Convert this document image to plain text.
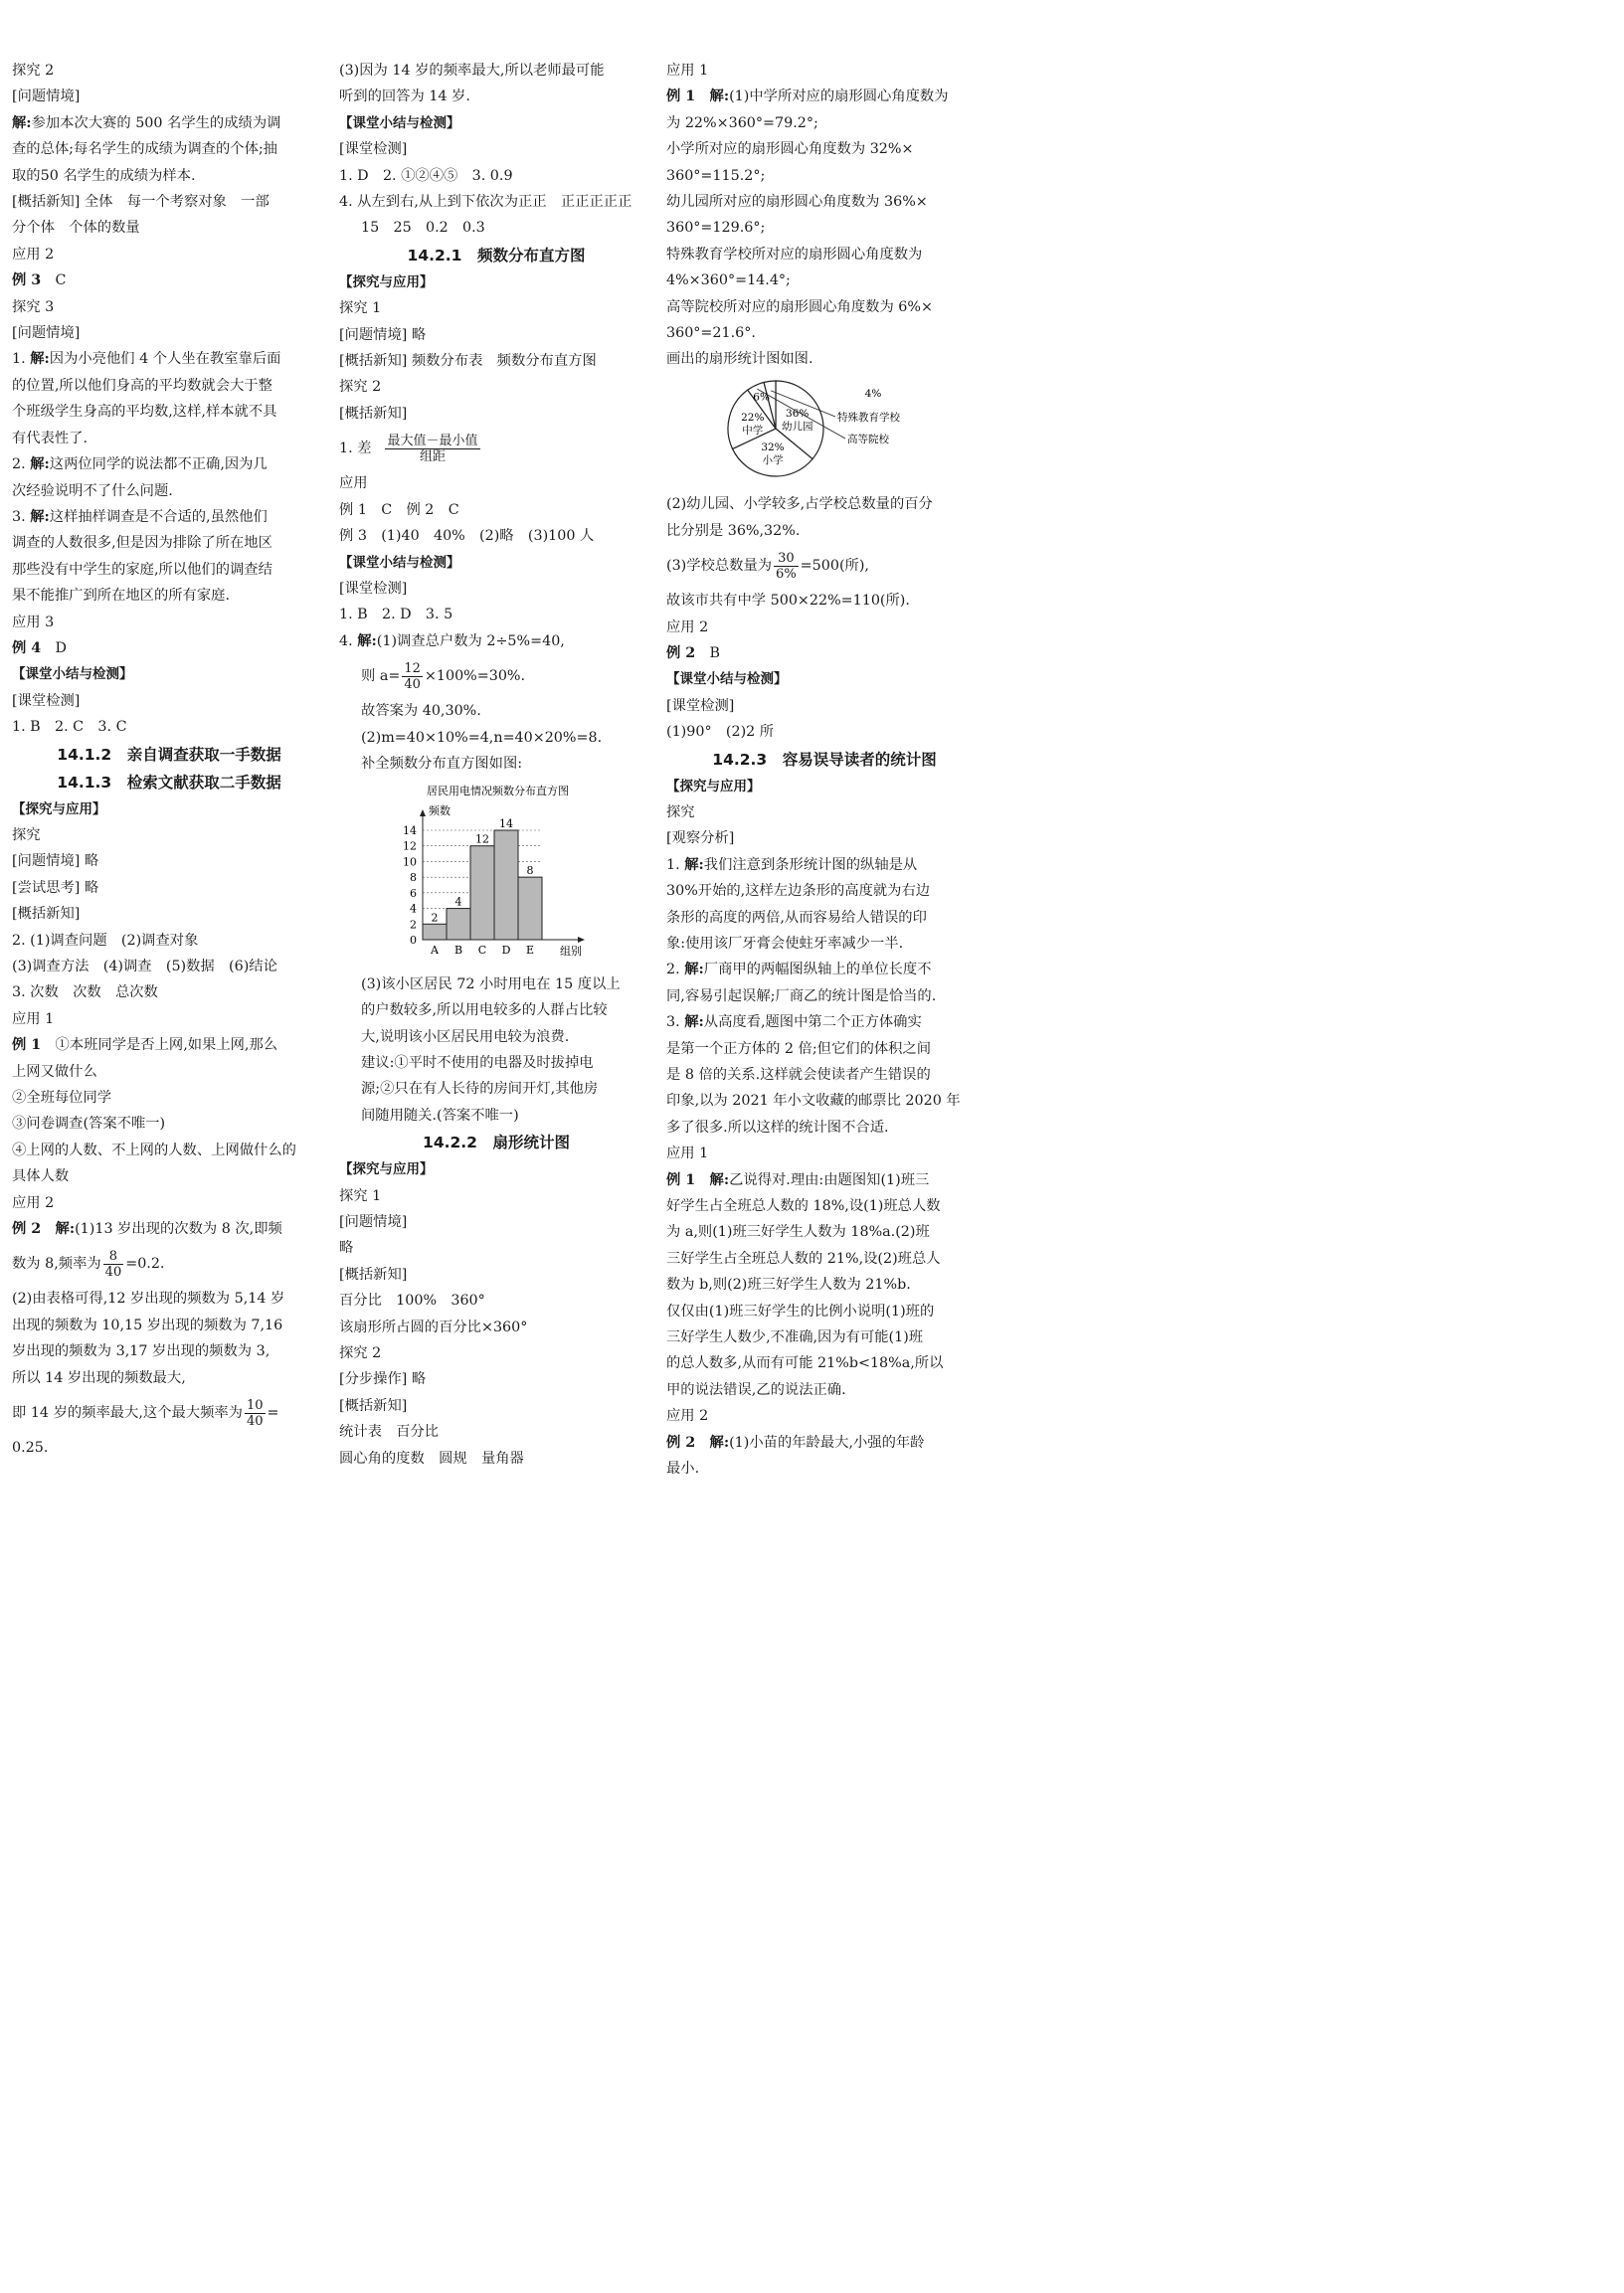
探究 2
[问题情境]
解:参加本次大赛的 500 名学生的成绩为调
查的总体;每名学生的成绩为调查的个体;抽
取的50 名学生的成绩为样本.
[概括新知] 全体　每一个考察对象　一部
分个体　个体的数量
应用 2
例 3　 C
探究 3
[问题情境]
1. 解:因为小亮他们 4 个人坐在教室靠后面
的位置,所以他们身高的平均数就会大于整
个班级学生身高的平均数,这样,样本就不具
有代表性了.
2. 解:这两位同学的说法都不正确,因为几
次经验说明不了什么问题.
3. 解:这样抽样调查是不合适的,虽然他们
调查的人数很多,但是因为排除了所在地区
那些没有中学生的家庭,所以他们的调查结
果不能推广到所在地区的所有家庭.
应用 3
例 4　 D
【课堂小结与检测】
[课堂检测]
1. B　2. C　3. C
14.1.2　亲自调查获取一手数据
14.1.3　检索文献获取二手数据
【探究与应用】
探究
[问题情境] 略
[尝试思考] 略
[概括新知]
2. (1)调查问题　(2)调查对象
(3)调查方法　(4)调查　(5)数据　(6)结论
3. 次数　次数　总次数
应用 1
例 1　 ①本班同学是否上网,如果上网,那么
上网又做什么
②全班每位同学
③问卷调查(答案不唯一)
④上网的人数、不上网的人数、上网做什么的
具体人数
应用 2
例 2　 解:(1)13 岁出现的次数为 8 次,即频
数为 8,频率为 $\frac{8}{40} =0.2$.
(2)由表格可得,12 岁出现的频数为 5,14 岁
出现的频数为 10,15 岁出现的频数为 7,16
岁出现的频数为 3,17 岁出现的频数为 3,
所以 14 岁出现的频数最大,
即 14 岁的频率最大,这个最大频率为 $\frac{10}{40}$ =
0.25.
(3)因为 14 岁的频率最大,所以老师最可能
听到的回答为 14 岁.
【课堂小结与检测】
[课堂检测]
1. D　2. ①②④⑤　3. 0.9
4. 从左到右,从上到下依次为正正　正正正正正
15　25　0.2　0.3
14.2.1　频数分布直方图
【探究与应用】
探究 1
[问题情境] 略
[概括新知] 频数分布表　频数分布直方图
探究 2
[概括新知]
1. 差 $\frac{\text{最大值－最小值}}{\text{组距}}$
应用
例 1　C　例 2　C
例 3　(1)40　40%　(2)略　(3)100 人
【课堂小结与检测】
[课堂检测]
1. B　2. D　3. 5
4. 解:(1)调查总户数为 2÷5%=40,
则 $a= \frac{12}{40} \times 100\%=30\%$.
故答案为 40,30%.
(2)m=40×10%=4,n=40×20%=8.
补全频数分布直方图如图:
居民用电情况频数分布直方图
频数
组别
0
2
4
6
8
10
12
14
2
A
4
B
12
C
14
D
8
E
(3)该小区居民 72 小时用电在 15 度以上
的户数较多,所以用电较多的人群占比较
大,说明该小区居民用电较为浪费.
建议:①平时不使用的电器及时拔掉电
源;②只在有人长待的房间开灯,其他房
间随用随关.(答案不唯一)
14.2.2　扇形统计图
【探究与应用】
探究 1
[问题情境]
略
[概括新知]
百分比　100%　360°
该扇形所占圆的百分比×360°
探究 2
[分步操作] 略
[概括新知]
统计表　百分比
圆心角的度数　圆规　量角器
应用 1
例 1　 解:(1)中学所对应的扇形圆心角度数为
为 22%×360°=79.2°;
小学所对应的扇形圆心角度数为 32%×
360°=115.2°;
幼儿园所对应的扇形圆心角度数为 36%×
360°=129.6°;
特殊教育学校所对应的扇形圆心角度数为
4%×360°=14.4°;
高等院校所对应的扇形圆心角度数为 6%×
360°=21.6°.
画出的扇形统计图如图.
36%
幼儿园
32%
小学
22%
中学
6%
高等院校
4%
特殊教育学校
(2)幼儿园、小学较多,占学校总数量的百分
比分别是 36%,32%.
(3)学校总数量为 $\frac{30}{6\%} =500$(所),
故该市共有中学 500×22%=110(所).
应用 2
例 2　 B
【课堂小结与检测】
[课堂检测]
(1)90°　(2)2 所
14.2.3　容易误导读者的统计图
【探究与应用】
探究
[观察分析]
1. 解:我们注意到条形统计图的纵轴是从
30%开始的,这样左边条形的高度就为右边
条形的高度的两倍,从而容易给人错误的印
象:使用该厂牙膏会使蛀牙率减少一半.
2. 解:厂商甲的两幅图纵轴上的单位长度不
同,容易引起误解;厂商乙的统计图是恰当的.
3. 解:从高度看,题图中第二个正方体确实
是第一个正方体的 2 倍;但它们的体积之间
是 8 倍的关系.这样就会使读者产生错误的
印象,以为 2021 年小文收藏的邮票比 2020 年
多了很多.所以这样的统计图不合适.
应用 1
例 1　 解:乙说得对.理由:由题图知(1)班三
好学生占全班总人数的 18%,设(1)班总人数
为 a,则(1)班三好学生人数为 18%a.(2)班
三好学生占全班总人数的 21%,设(2)班总人
数为 b,则(2)班三好学生人数为 21%b.
仅仅由(1)班三好学生的比例小说明(1)班的
三好学生人数少,不准确,因为有可能(1)班
的总人数多,从而有可能 21%b<18%a,所以
甲的说法错误,乙的说法正确.
应用 2
例 2　 解:(1)小苗的年龄最大,小强的年龄
最小.
